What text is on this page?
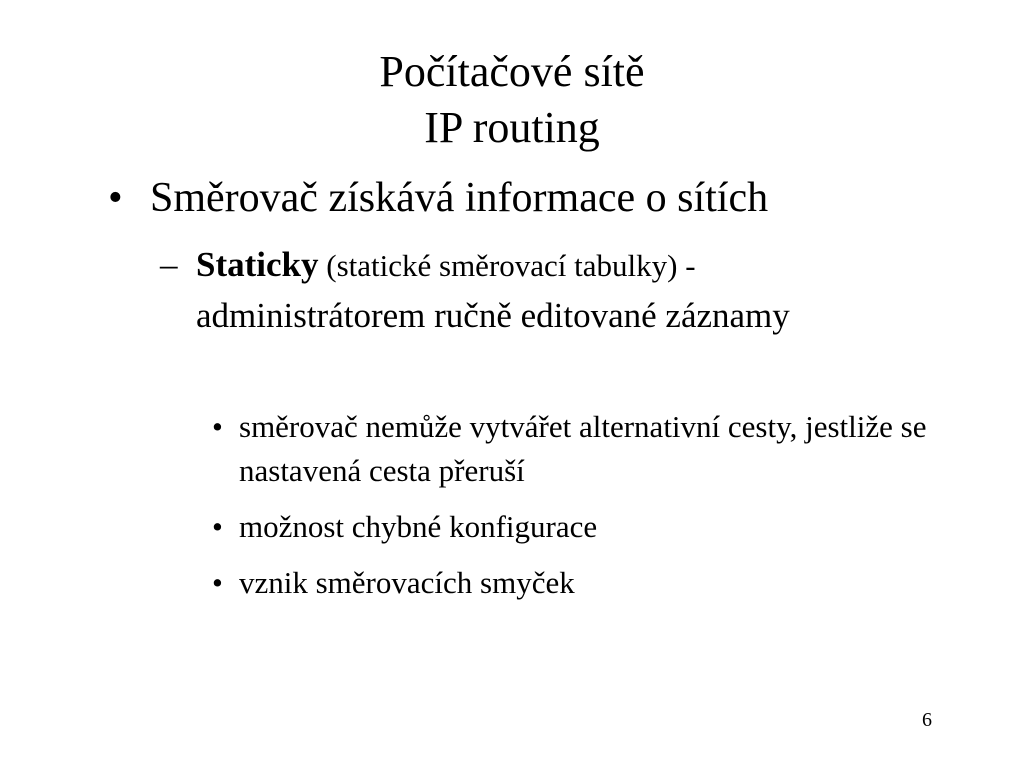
Počítačové sítě
IP routing

• Směrovač získává informace o sítích

– Staticky (statické směrovací tabulky) - administrátorem ručně editované záznamy

• směrovač nemůže vytvářet alternativní cesty, jestliže se nastavená cesta přeruší
• možnost chybné konfigurace
• vznik směrovacích smyček
6
